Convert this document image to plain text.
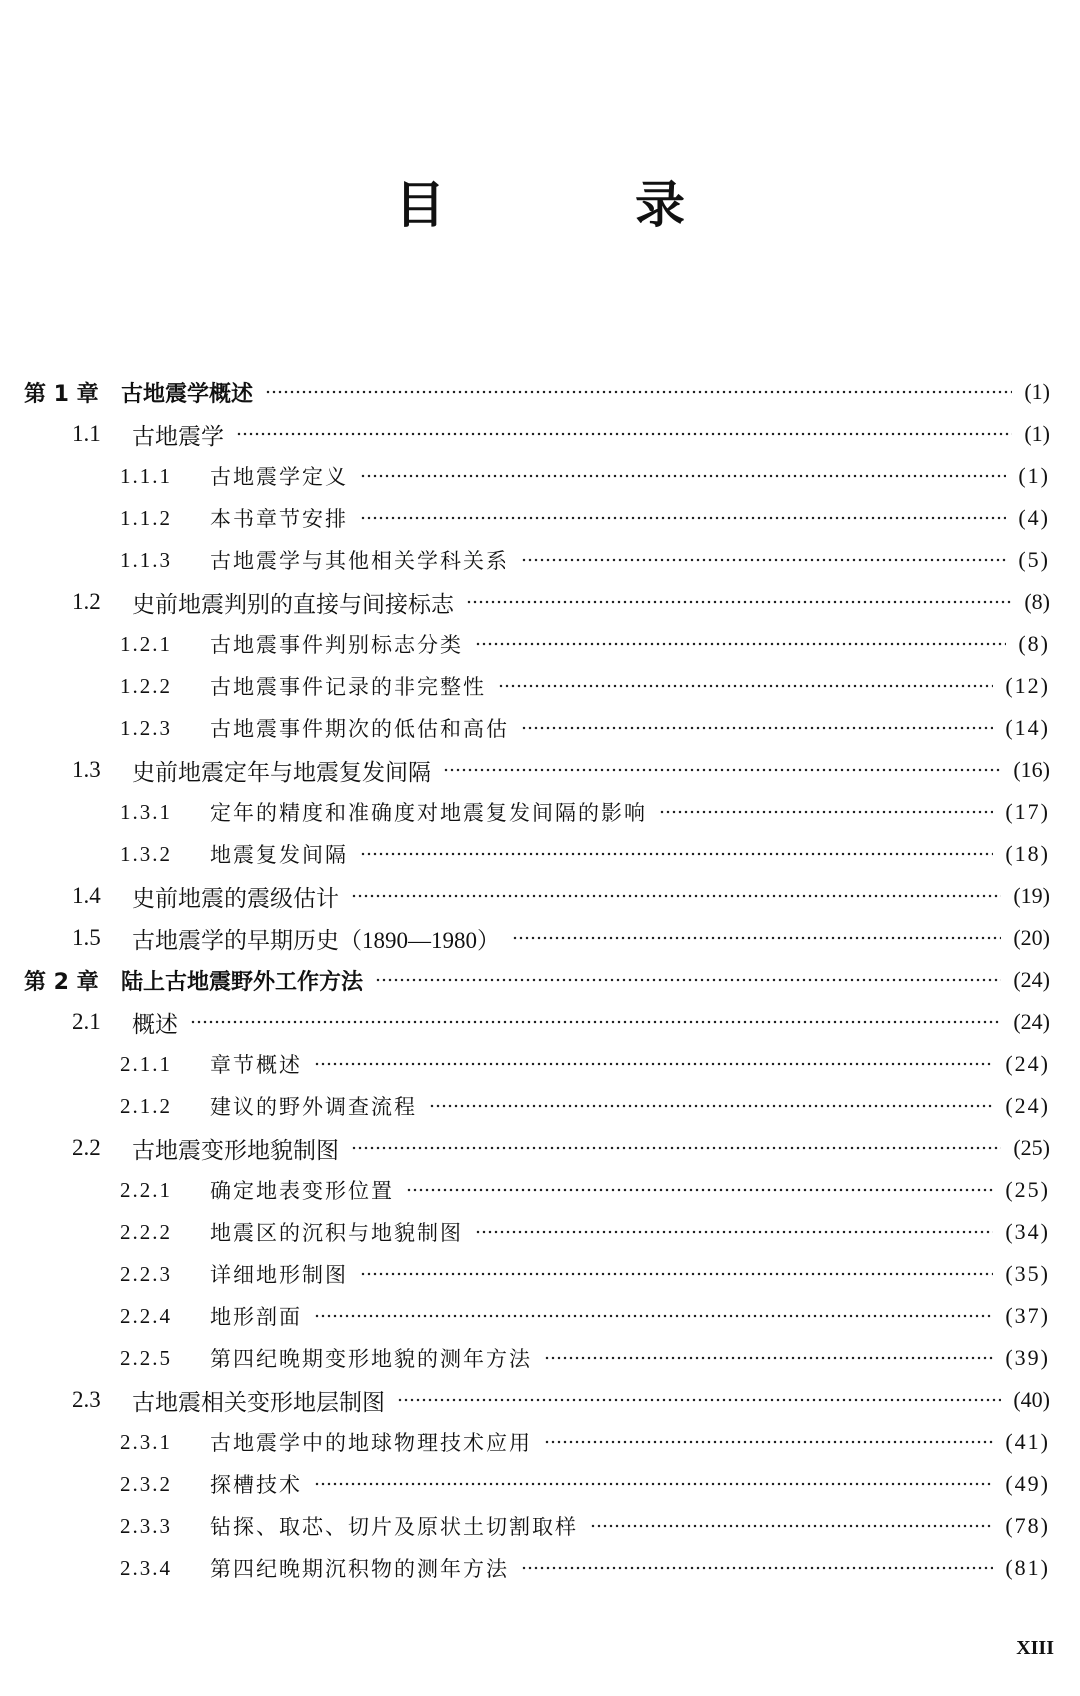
目　录
第 1 章	古地震学概述	(1)
1.1	古地震学	(1)
1.1.1	古地震学定义	(1)
1.1.2	本书章节安排	(4)
1.1.3	古地震学与其他相关学科关系	(5)
1.2	史前地震判别的直接与间接标志	(8)
1.2.1	古地震事件判别标志分类	(8)
1.2.2	古地震事件记录的非完整性	(12)
1.2.3	古地震事件期次的低估和高估	(14)
1.3	史前地震定年与地震复发间隔	(16)
1.3.1	定年的精度和准确度对地震复发间隔的影响	(17)
1.3.2	地震复发间隔	(18)
1.4	史前地震的震级估计	(19)
1.5	古地震学的早期历史（1890—1980）	(20)
第 2 章	陆上古地震野外工作方法	(24)
2.1	概述	(24)
2.1.1	章节概述	(24)
2.1.2	建议的野外调查流程	(24)
2.2	古地震变形地貌制图	(25)
2.2.1	确定地表变形位置	(25)
2.2.2	地震区的沉积与地貌制图	(34)
2.2.3	详细地形制图	(35)
2.2.4	地形剖面	(37)
2.2.5	第四纪晚期变形地貌的测年方法	(39)
2.3	古地震相关变形地层制图	(40)
2.3.1	古地震学中的地球物理技术应用	(41)
2.3.2	探槽技术	(49)
2.3.3	钻探、取芯、切片及原状土切割取样	(78)
2.3.4	第四纪晚期沉积物的测年方法	(81)
XIII
